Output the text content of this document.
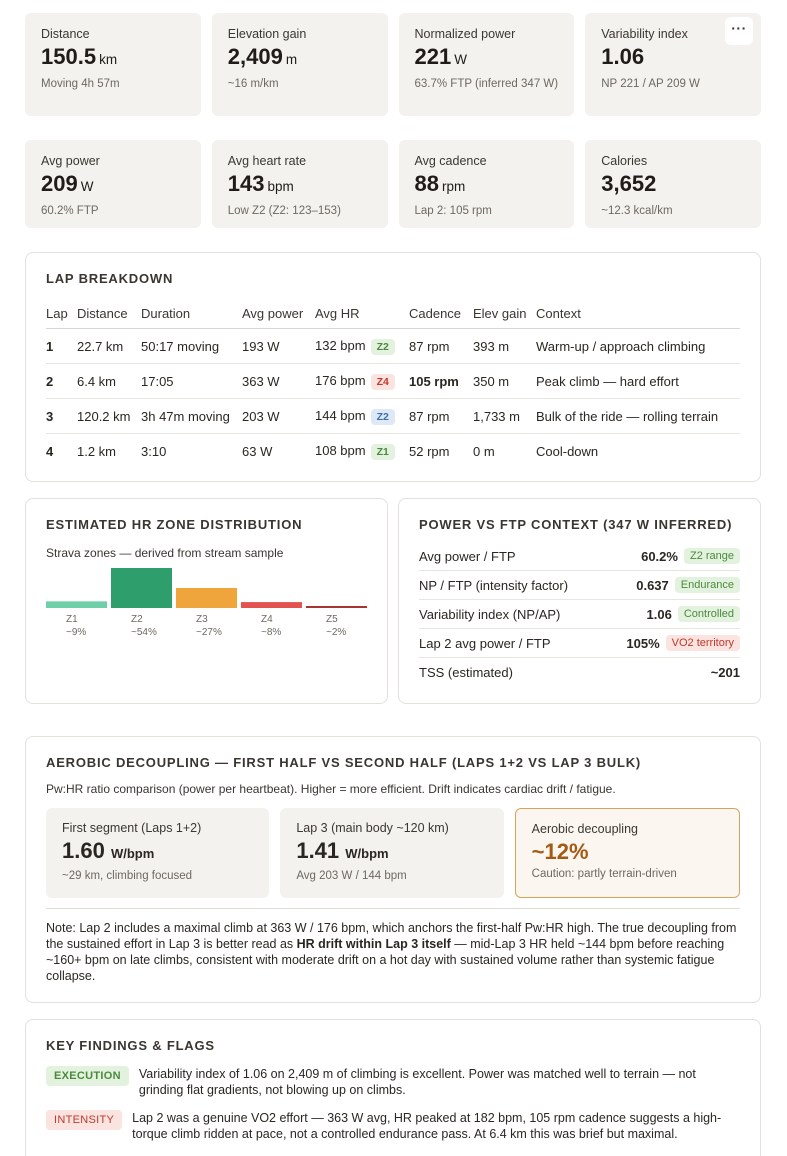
Distance
150.5 km
Moving 4h 57m
Elevation gain
2,409 m
~16 m/km
Normalized power
221 W
63.7% FTP (inferred 347 W)
Variability index
1.06
NP 221 / AP 209 W
···
Avg power
209 W
60.2% FTP
Avg heart rate
143 bpm
Low Z2 (Z2: 123–153)
Avg cadence
88 rpm
Lap 2: 105 rpm
Calories
3,652
~12.3 kcal/km
LAP BREAKDOWN
Lap	Distance	Duration	Avg power	Avg HR	Cadence	Elev gain	Context
1	22.7 km	50:17 moving	193 W	132 bpm Z2	87 rpm	393 m	Warm-up / approach climbing
2	6.4 km	17:05	363 W	176 bpm Z4	105 rpm	350 m	Peak climb — hard effort
3	120.2 km	3h 47m moving	203 W	144 bpm Z2	87 rpm	1,733 m	Bulk of the ride — rolling terrain
4	1.2 km	3:10	63 W	108 bpm Z1	52 rpm	0 m	Cool-down
ESTIMATED HR ZONE DISTRIBUTION
Strava zones — derived from stream sample
Z1
~9%
Z2
~54%
Z3
~27%
Z4
~8%
Z5
~2%
POWER VS FTP CONTEXT (347 W INFERRED)
Avg power / FTP	60.2%	Z2 range
NP / FTP (intensity factor)	0.637	Endurance
Variability index (NP/AP)	1.06	Controlled
Lap 2 avg power / FTP	105%	VO2 territory
TSS (estimated)	~201
AEROBIC DECOUPLING — FIRST HALF VS SECOND HALF (LAPS 1+2 VS LAP 3 BULK)
Pw:HR ratio comparison (power per heartbeat). Higher = more efficient. Drift indicates cardiac drift / fatigue.
First segment (Laps 1+2)
1.60 W/bpm
~29 km, climbing focused
Lap 3 (main body ~120 km)
1.41 W/bpm
Avg 203 W / 144 bpm
Aerobic decoupling
~12%
Caution: partly terrain-driven
Note: Lap 2 includes a maximal climb at 363 W / 176 bpm, which anchors the first-half Pw:HR high. The true decoupling from the sustained effort in Lap 3 is better read as HR drift within Lap 3 itself — mid-Lap 3 HR held ~144 bpm before reaching ~160+ bpm on late climbs, consistent with moderate drift on a hot day with sustained volume rather than systemic fatigue collapse.
KEY FINDINGS & FLAGS
EXECUTION	Variability index of 1.06 on 2,409 m of climbing is excellent. Power was matched well to terrain — not grinding flat gradients, not blowing up on climbs.
INTENSITY	Lap 2 was a genuine VO2 effort — 363 W avg, HR peaked at 182 bpm, 105 rpm cadence suggests a high-torque climb ridden at pace, not a controlled endurance pass. At 6.4 km this was brief but maximal.
